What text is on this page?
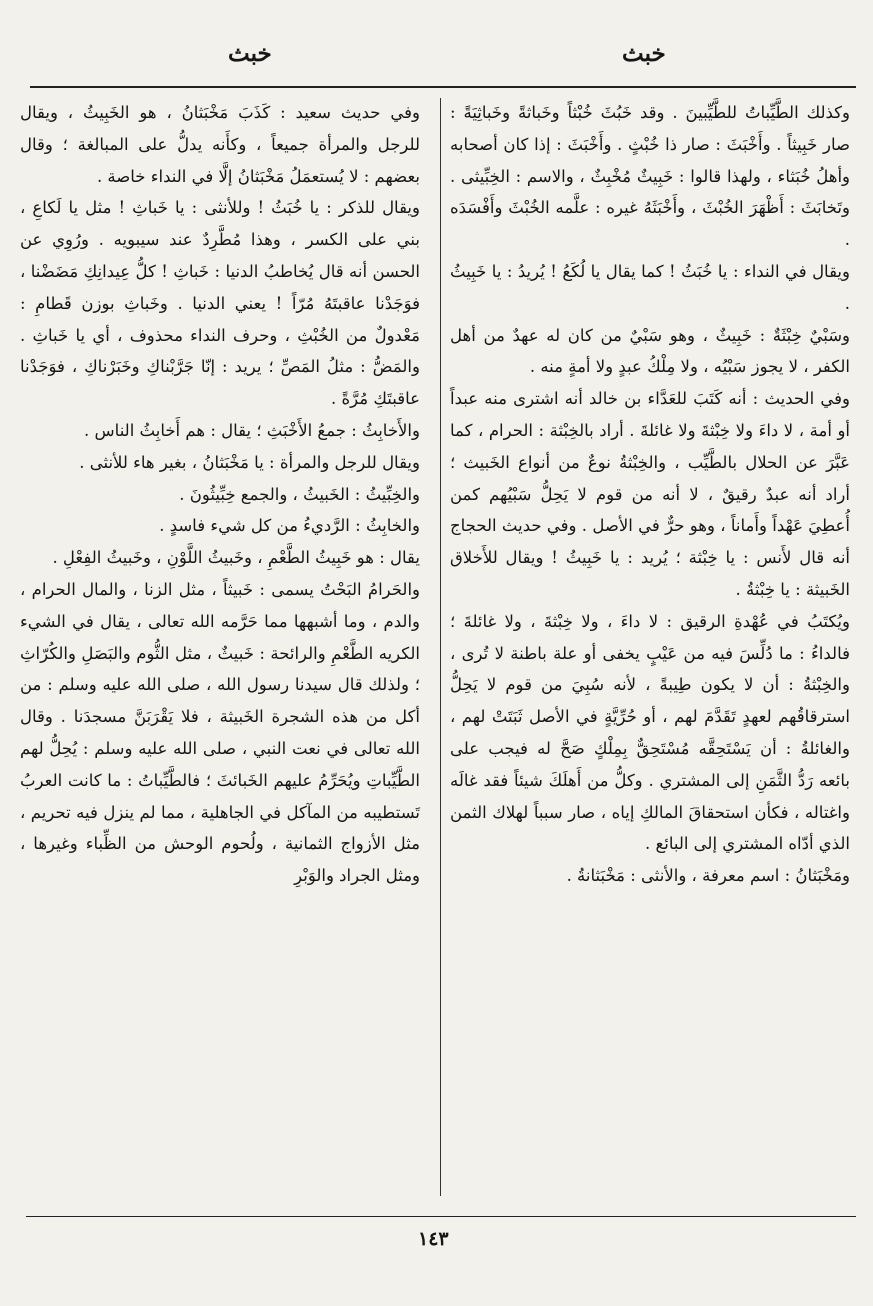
خبث
خبث

وكذلك الطَّيِّباتُ للطَّيِّبينَ . وقد خَبُثَ خُبْثاً وخَباثةً وخَباثِيَةً : صار خَبِيثاً . وأَخْبَثَ : صار ذا خُبْثٍ . وأَخْبَثَ : إذا كان أصحابه وأهلُ خُبَثاء ، ولهذا قالوا : خَبِيثٌ مُخْبِثٌ ، والاسم : الخِبِّيثى . وتَخابَثَ : أَظْهَرَ الخُبْثَ ، وأَخْبَثَهُ غيره : علَّمه الخُبْثَ وأَفْسَدَه .

ويقال في النداء : يا خُبَثُ ! كما يقال يا لُكَعُ ! يُريدُ : يا خَبِيثُ .

وسَبْيٌ خِبْثَةٌ : خَبِيثٌ ، وهو سَبْيٌ من كان له عهدٌ من أهل الكفر ، لا يجوز سَبْيُه ، ولا مِلْكُ عبدٍ ولا أمةٍ منه .

وفي الحديث : أنه كَتَبَ للعَدَّاء بن خالد أنه اشترى منه عبداً أو أمة ، لا داءَ ولا خِبْثةَ ولا غائلةَ . أراد بالخِبْثة : الحرام ، كما عَبَّرَ عن الحلال بالطَّيِّب ، والخِبْثةُ نوعٌ من أنواع الخَبيث ؛ أراد أنه عبدٌ رقيقٌ ، لا أنه من قوم لا يَحِلُّ سَبْيُهم كمن أُعطِيَ عَهْداً وأَماناً ، وهو حرٌّ في الأصل . وفي حديث الحجاج أنه قال لأَنس : يا خِبْثة ؛ يُريد : يا خَبِيثُ ! ويقال للأَخلاق الخَبيثة : يا خِبْثةُ .

ويُكتَبُ في عُهْدةِ الرقيق : لا داءَ ، ولا خِبْثةَ ، ولا غائلةَ ؛ فالداءُ : ما دُلِّسَ فيه من عَيْبٍ يخفى أو علة باطنة لا تُرى ، والخِبْثةُ : أن لا يكون طِيبةً ، لأنه سُبِيَ من قوم لا يَحِلُّ استرقاقُهم لعهدٍ تَقَدَّمَ لهم ، أو حُرِّيَّةٍ في الأصل ثَبَتَتْ لهم ، والغائلةُ : أن يَسْتَحِقَّه مُسْتَحِقٌّ بِمِلْكٍ صَحَّ له فيجب على بائعه رَدُّ الثَّمَنِ إلى المشتري . وكلُّ من أَهلَكَ شيئاً فقد غالَه واغتاله ، فكأن استحقاقَ المالكِ إياه ، صار سبباً لهلاك الثمن الذي أدّاه المشتري إلى البائع .

ومَخْبَثانُ : اسم معرفة ، والأنثى : مَخْبَثانةُ .

وفي حديث سعيد : كَذَبَ مَخْبَثانُ ، هو الخَبِيثُ ، ويقال للرجل والمرأة جميعاً ، وكأَنه يدلُّ على المبالغة ؛ وقال بعضهم : لا يُستعمَلُ مَخْبَثانُ إلَّا في النداء خاصة .

ويقال للذكر : يا خُبَثُ ! وللأنثى : يا خَباثِ ! مثل يا لَكاعِ ، بني على الكسر ، وهذا مُطَّرِدٌ عند سيبويه . ورُوِي عن الحسن أنه قال يُخاطبُ الدنيا : خَباثِ ! كلُّ عِيدانِكِ مَضَضْنا ، فوَجَدْنا عاقبتَهُ مُرّاً ! يعني الدنيا . وخَباثِ بوزن قَطامِ : مَعْدولٌ من الخُبْثِ ، وحرف النداء محذوف ، أي يا خَباثِ . والمَضُّ : مثلُ المَصِّ ؛ يريد : إنّا جَرَّبْناكِ وخَبَرْناكِ ، فوَجَدْنا عاقبتَكِ مُرَّةً .

والأَخابِثُ : جمعُ الأَخْبَثِ ؛ يقال : هم أَخابِثُ الناس .

ويقال للرجل والمرأة : يا مَخْبَثانُ ، بغير هاء للأنثى .

والخِبِّيثُ : الخَبيثُ ، والجمع خِبِّيثُونَ .

والخابِثُ : الرَّديءُ من كل شيء فاسدٍ .

يقال : هو خَبِيثُ الطَّعْمِ ، وخَبيثُ اللَّوْنِ ، وخَبيثُ الفِعْلِ .

والحَرامُ البَحْتُ يسمى : خَبيثاً ، مثل الزنا ، والمال الحرام ، والدم ، وما أشبهها مما حَرَّمه الله تعالى ، يقال في الشيء الكريه الطَّعْمِ والرائحة : خَبيثٌ ، مثل الثُّوم والبَصَلِ والكُرّاثِ ؛ ولذلك قال سيدنا رسول الله ، صلى الله عليه وسلم : من أكل من هذه الشجرة الخَبيثة ، فلا يَقْرَبَنَّ مسجدَنا . وقال الله تعالى في نعت النبي ، صلى الله عليه وسلم : يُحِلُّ لهم الطَّيِّباتِ ويُحَرِّمُ عليهم الخَبائثَ ؛ فالطَّيِّباتُ : ما كانت العربُ تَستطيبه من المآكل في الجاهلية ، مما لم ينزل فيه تحريم ، مثل الأزواج الثمانية ، ولُحوم الوحش من الظِّباء وغيرها ، ومثل الجراد والوَبْرِ

١٤٣
